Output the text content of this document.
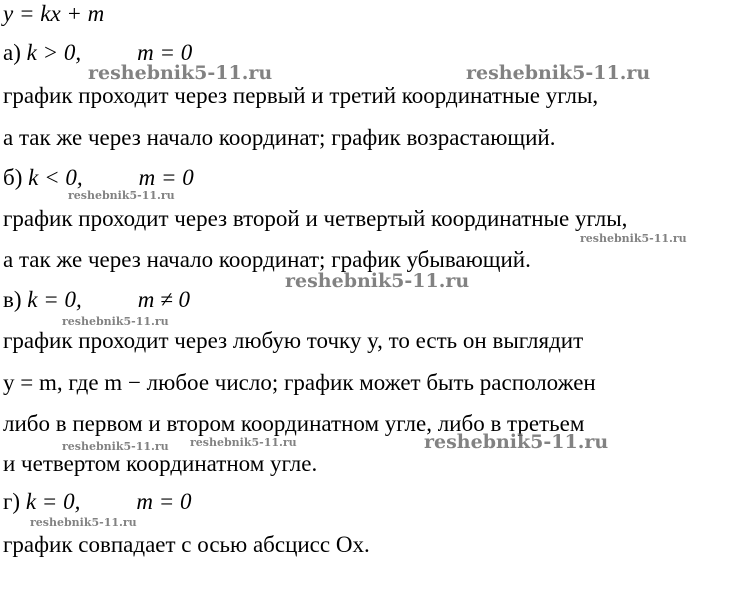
y = kx + m
а) k > 0, m = 0
график проходит через первый и третий координатные углы,
а так же через начало координат; график возрастающий.
б) k < 0, m = 0
график проходит через второй и четвертый координатные углы,
а так же через начало координат; график убывающий.
в) k = 0, m ≠ 0
график проходит через любую точку y, то есть он выглядит
y = m, где m − любое число; график может быть расположен
либо в первом и втором координатном угле, либо в третьем
и четвертом координатном угле.
г) k = 0, m = 0
график совпадает с осью абсцисс Ox.
reshebnik5-11.ru	reshebnik5-11.ru
reshebnik5-11.ru
reshebnik5-11.ru
reshebnik5-11.ru
reshebnik5-11.ru
reshebnik5-11.ru reshebnik5-11.ru	reshebnik5-11.ru
reshebnik5-11.ru
